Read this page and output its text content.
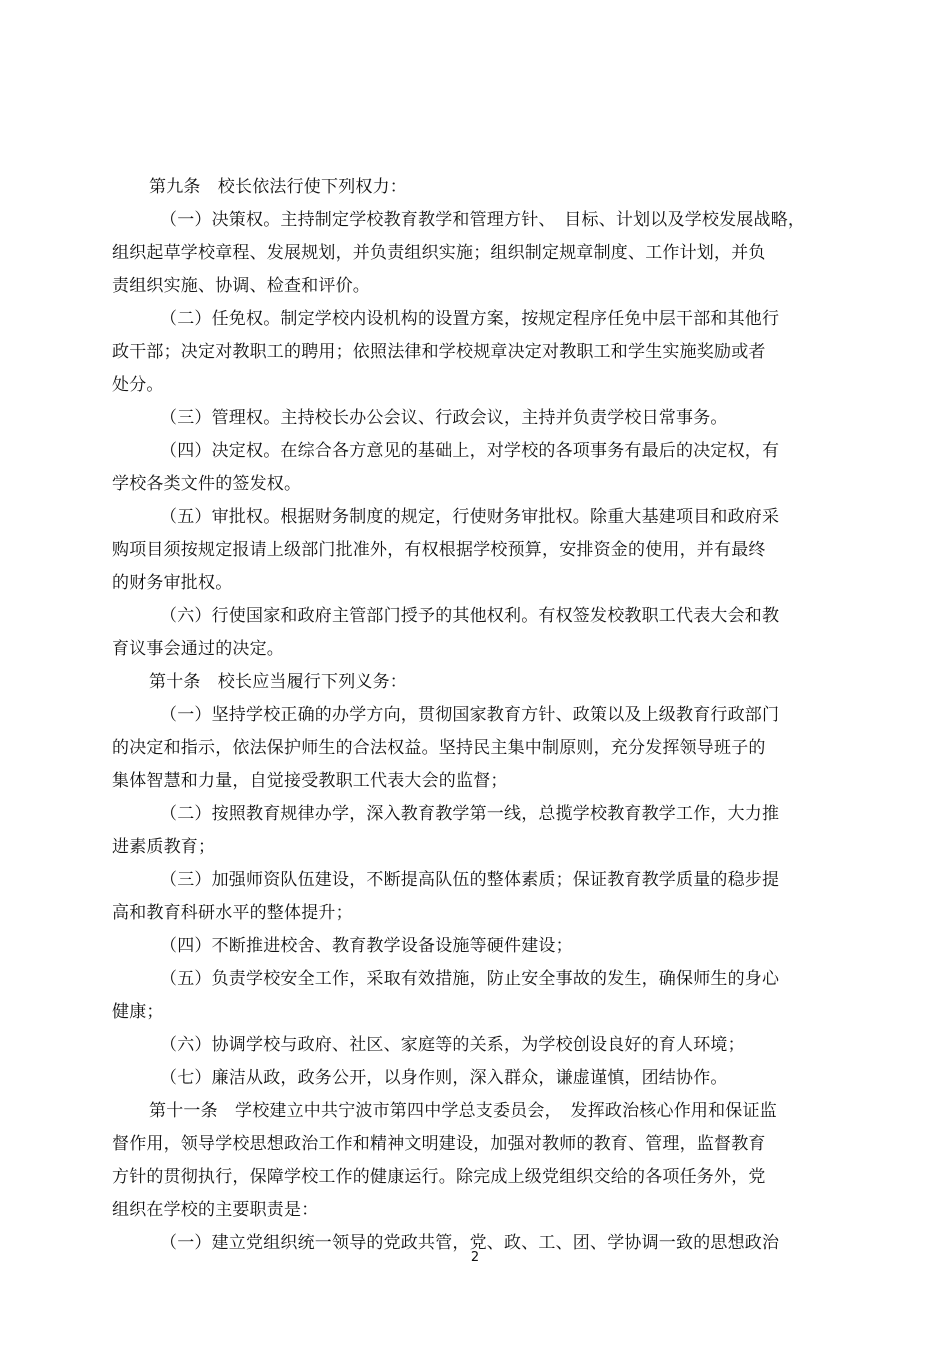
第九条　校长依法行使下列权力：
（一）决策权。主持制定学校教育教学和管理方针、　目标、计划以及学校发展战略，
组织起草学校章程、发展规划，并负责组织实施；组织制定规章制度、工作计划，并负
责组织实施、协调、检查和评价。
（二）任免权。制定学校内设机构的设置方案，按规定程序任免中层干部和其他行
政干部；决定对教职工的聘用；依照法律和学校规章决定对教职工和学生实施奖励或者
处分。
（三）管理权。主持校长办公会议、行政会议，主持并负责学校日常事务。
（四）决定权。在综合各方意见的基础上，对学校的各项事务有最后的决定权，有
学校各类文件的签发权。
（五）审批权。根据财务制度的规定，行使财务审批权。除重大基建项目和政府采
购项目须按规定报请上级部门批准外，有权根据学校预算，安排资金的使用，并有最终
的财务审批权。
（六）行使国家和政府主管部门授予的其他权利。有权签发校教职工代表大会和教
育议事会通过的决定。
第十条　校长应当履行下列义务：
（一）坚持学校正确的办学方向，贯彻国家教育方针、政策以及上级教育行政部门
的决定和指示，依法保护师生的合法权益。坚持民主集中制原则，充分发挥领导班子的
集体智慧和力量，自觉接受教职工代表大会的监督；
（二）按照教育规律办学，深入教育教学第一线，总揽学校教育教学工作，大力推
进素质教育；
（三）加强师资队伍建设，不断提高队伍的整体素质；保证教育教学质量的稳步提
高和教育科研水平的整体提升；
（四）不断推进校舍、教育教学设备设施等硬件建设；
（五）负责学校安全工作，采取有效措施，防止安全事故的发生，确保师生的身心
健康；
（六）协调学校与政府、社区、家庭等的关系，为学校创设良好的育人环境；
（七）廉洁从政，政务公开，以身作则，深入群众，谦虚谨慎，团结协作。
第十一条　学校建立中共宁波市第四中学总支委员会，　发挥政治核心作用和保证监
督作用，领导学校思想政治工作和精神文明建设，加强对教师的教育、管理，监督教育
方针的贯彻执行，保障学校工作的健康运行。除完成上级党组织交给的各项任务外，党
组织在学校的主要职责是：
（一）建立党组织统一领导的党政共管，党、政、工、团、学协调一致的思想政治
2
